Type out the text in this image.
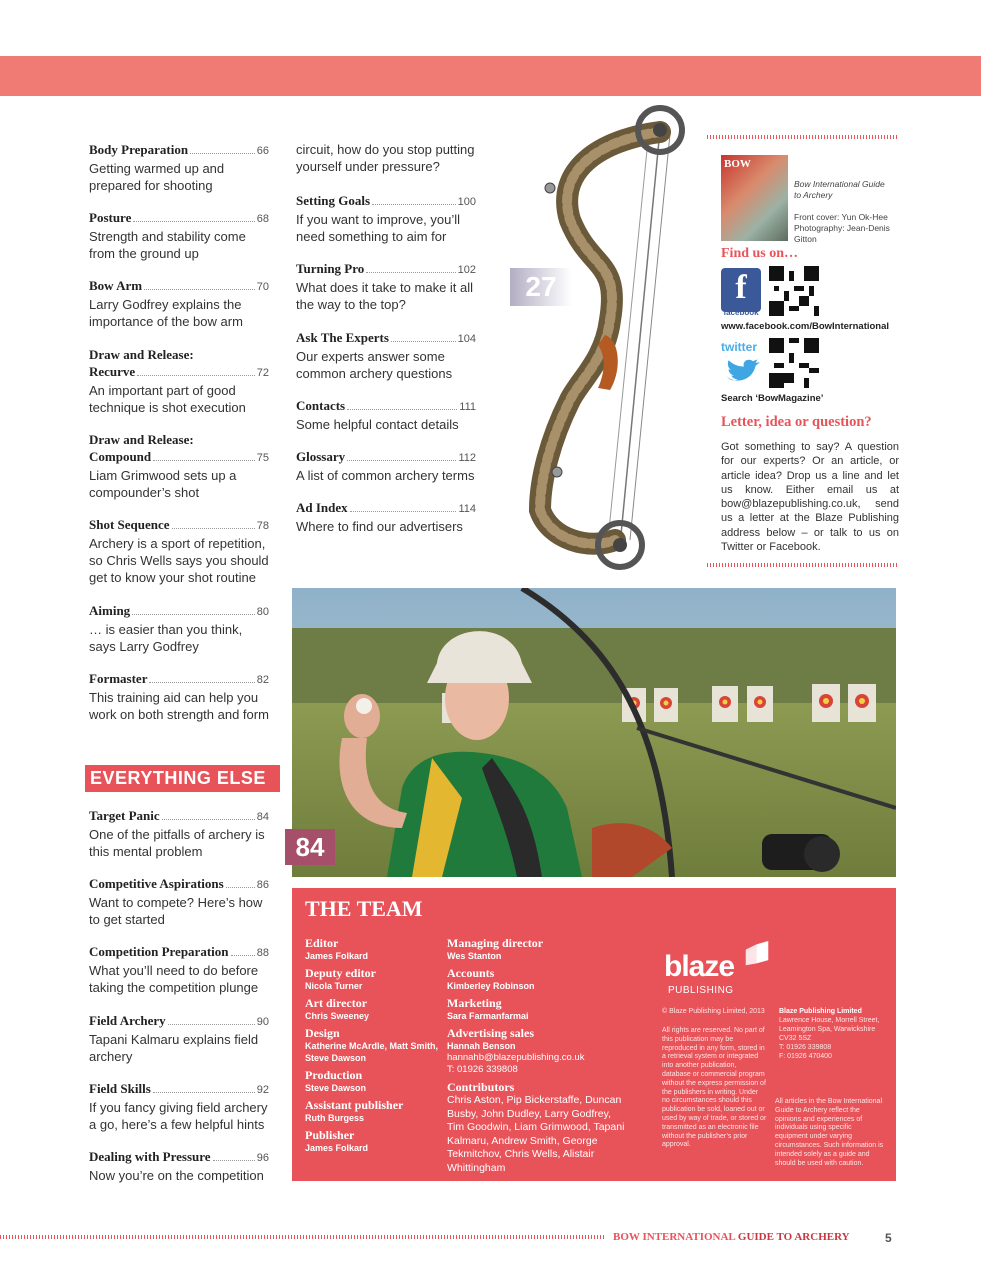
Body Preparation	66
Getting warmed up and prepared for shooting
Posture	68
Strength and stability come from the ground up
Bow Arm	70
Larry Godfrey explains the importance of the bow arm
Draw and Release:
Recurve	72
An important part of good technique is shot execution
Draw and Release:
Compound	75
Liam Grimwood sets up a compounder’s shot
Shot Sequence	78
Archery is a sport of repetition, so Chris Wells says you should get to know your shot routine
Aiming	80
… is easier than you think, says Larry Godfrey
Formaster	82
This training aid can help you work on both strength and form
EVERYTHING ELSE
Target Panic	84
One of the pitfalls of archery is this mental problem
Competitive Aspirations	86
Want to compete? Here’s how to get started
Competition Preparation	88
What you’ll need to do before taking the competition plunge
Field Archery	90
Tapani Kalmaru explains field archery
Field Skills	92
If you fancy giving field archery a go, here’s a few helpful hints
Dealing with Pressure	96
Now you’re on the competition
circuit, how do you stop putting yourself under pressure?
Setting Goals	100
If you want to improve, you’ll need something to aim for
Turning Pro	102
What does it take to make it all the way to the top?
Ask The Experts	104
Our experts answer some common archery questions
Contacts	111
Some helpful contact details
Glossary	112
A list of common archery terms
Ad Index	114
Where to find our advertisers
27
BOW
Bow International Guide to Archery
Front cover: Yun Ok-Hee
Photography: Jean-Denis Gitton
Find us on…
f
facebook
www.facebook.com/BowInternational
twitter
Search ‘BowMagazine’
Letter, idea or question?
Got something to say? A question for our experts? Or an article, or article idea? Drop us a line and let us know. Either email us at bow@blazepublishing.co.uk, send us a letter at the Blaze Publishing address below – or talk to us on Twitter or Facebook.
84
THE TEAM
Editor
James Folkard
Deputy editor
Nicola Turner
Art director
Chris Sweeney
Design
Katherine McArdle, Matt Smith, Steve Dawson
Production
Steve Dawson
Assistant publisher
Ruth Burgess
Publisher
James Folkard
Managing director
Wes Stanton
Accounts
Kimberley Robinson
Marketing
Sara Farmanfarmai
Advertising sales
Hannah Benson
hannahb@blazepublishing.co.uk
T: 01926 339808
Contributors
Chris Aston, Pip Bickerstaffe, Duncan Busby, John Dudley, Larry Godfrey, Tim Goodwin, Liam Grimwood, Tapani Kalmaru, Andrew Smith, George Tekmitchov, Chris Wells, Alistair Whittingham
blaze
PUBLISHING
© Blaze Publishing Limited, 2013
All rights are reserved. No part of this publication may be reproduced in any form, stored in a retrieval system or integrated into another publication, database or commercial program without the express permission of the publishers in writing. Under no circumstances should this publication be sold, loaned out or used by way of trade, or stored or transmitted as an electronic file without the publisher’s prior approval.
Blaze Publishing Limited
Lawrence House, Morrell Street, Leamington Spa, Warwickshire CV32 5SZ
T: 01926 339808
F: 01926 470400
All articles in the Bow International Guide to Archery reflect the opinions and experiences of individuals using specific equipment under varying circumstances. Such information is intended solely as a guide and should be used with caution.
BOW INTERNATIONAL GUIDE TO ARCHERY	5
